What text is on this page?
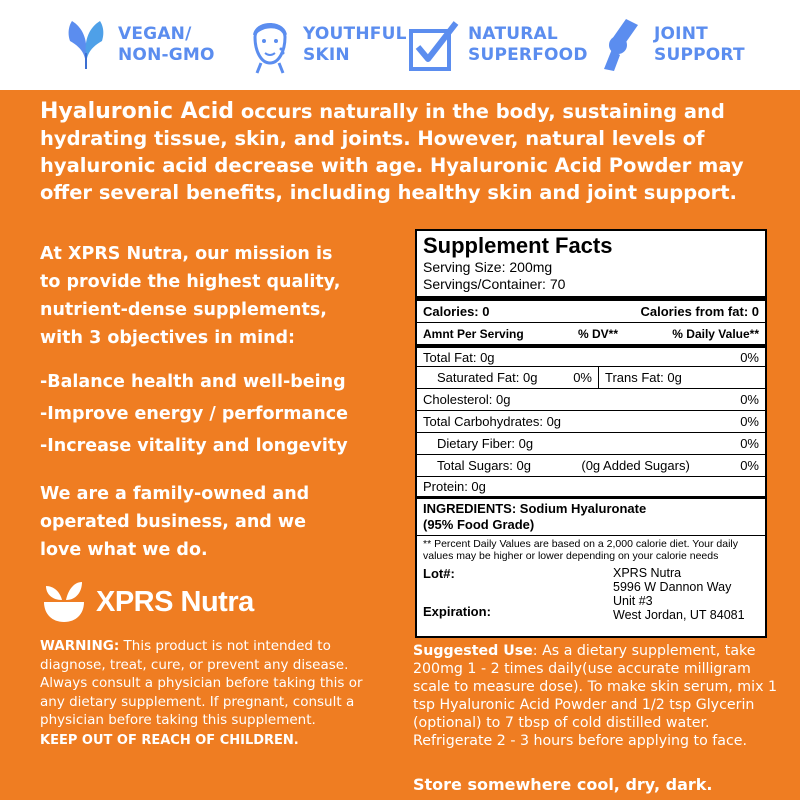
VEGAN/
NON-GMO
YOUTHFUL
SKIN
NATURAL
SUPERFOOD
JOINT
SUPPORT

Hyaluronic Acid occurs naturally in the body, sustaining and hydrating tissue, skin, and joints. However, natural levels of hyaluronic acid decrease with age. Hyaluronic Acid Powder may offer several benefits, including healthy skin and joint support.

At XPRS Nutra, our mission is
to provide the highest quality,
nutrient-dense supplements,
with 3 objectives in mind:
-Balance health and well-being
-Improve energy / performance
-Increase vitality and longevity
We are a family-owned and
operated business, and we
love what we do.
XPRS Nutra

WARNING: This product is not intended to diagnose, treat, cure, or prevent any disease. Always consult a physician before taking this or any dietary supplement. If pregnant, consult a physician before taking this supplement.
KEEP OUT OF REACH OF CHILDREN.

Supplement Facts
Serving Size: 200mg
Servings/Container: 70
Calories: 0	Calories from fat: 0
Amnt Per Serving	% DV**	% Daily Value**
Total Fat: 0g	0%
Saturated Fat: 0g	0% Trans Fat: 0g
Cholesterol: 0g	0%
Total Carbohydrates: 0g	0%
Dietary Fiber: 0g	0%
Total Sugars: 0g	(0g Added Sugars)	0%
Protein: 0g
INGREDIENTS: Sodium Hyaluronate
(95% Food Grade)
** Percent Daily Values are based on a 2,000 calorie diet. Your daily values may be higher or lower depending on your calorie needs
Lot#:
Expiration:
XPRS Nutra
5996 W Dannon Way
Unit #3
West Jordan, UT 84081

Suggested Use: As a dietary supplement, take 200mg 1 - 2 times daily(use accurate milligram scale to measure dose). To make skin serum, mix 1 tsp Hyaluronic Acid Powder and 1/2 tsp Glycerin (optional) to 7 tbsp of cold distilled water. Refrigerate 2 - 3 hours before applying to face.

Store somewhere cool, dry, dark.
